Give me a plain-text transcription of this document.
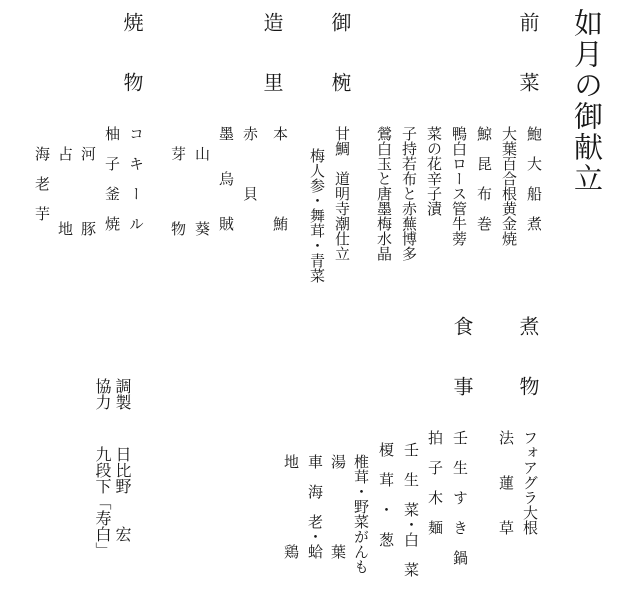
如月の御献立
前　　菜
鮑　大　船　煮
大葉百合根黄金焼
鯨　昆　布　巻
鴨白ロース管牛蒡
菜の花辛子漬
子持若布と赤蕪博多
鶯白玉と唐墨梅水晶
御　　椀
甘鯛　道明寺潮仕立
梅人参・舞茸・青菜
造　　里
本　　　　　鮪
赤　　　貝
墨　　烏　　賊
山　　　　葵
芽　　　　物
焼　　物
コ　キ　ー　ル
柚　子　釜　焼
河　　　　豚
占　　　　地
海　老　芋
煮　　物
フォアグラ大根
法　　蓮　　草
食　　事
壬　生　す　き　鍋
拍　子　木　麺
壬　生　菜・白　菜
榎　茸　・　葱
椎茸・野菜がんも
湯　　　　　葉
車　海　老・蛤
地　　　　　鶏
調製
協力
日比野　　宏
九段下「寿白」
